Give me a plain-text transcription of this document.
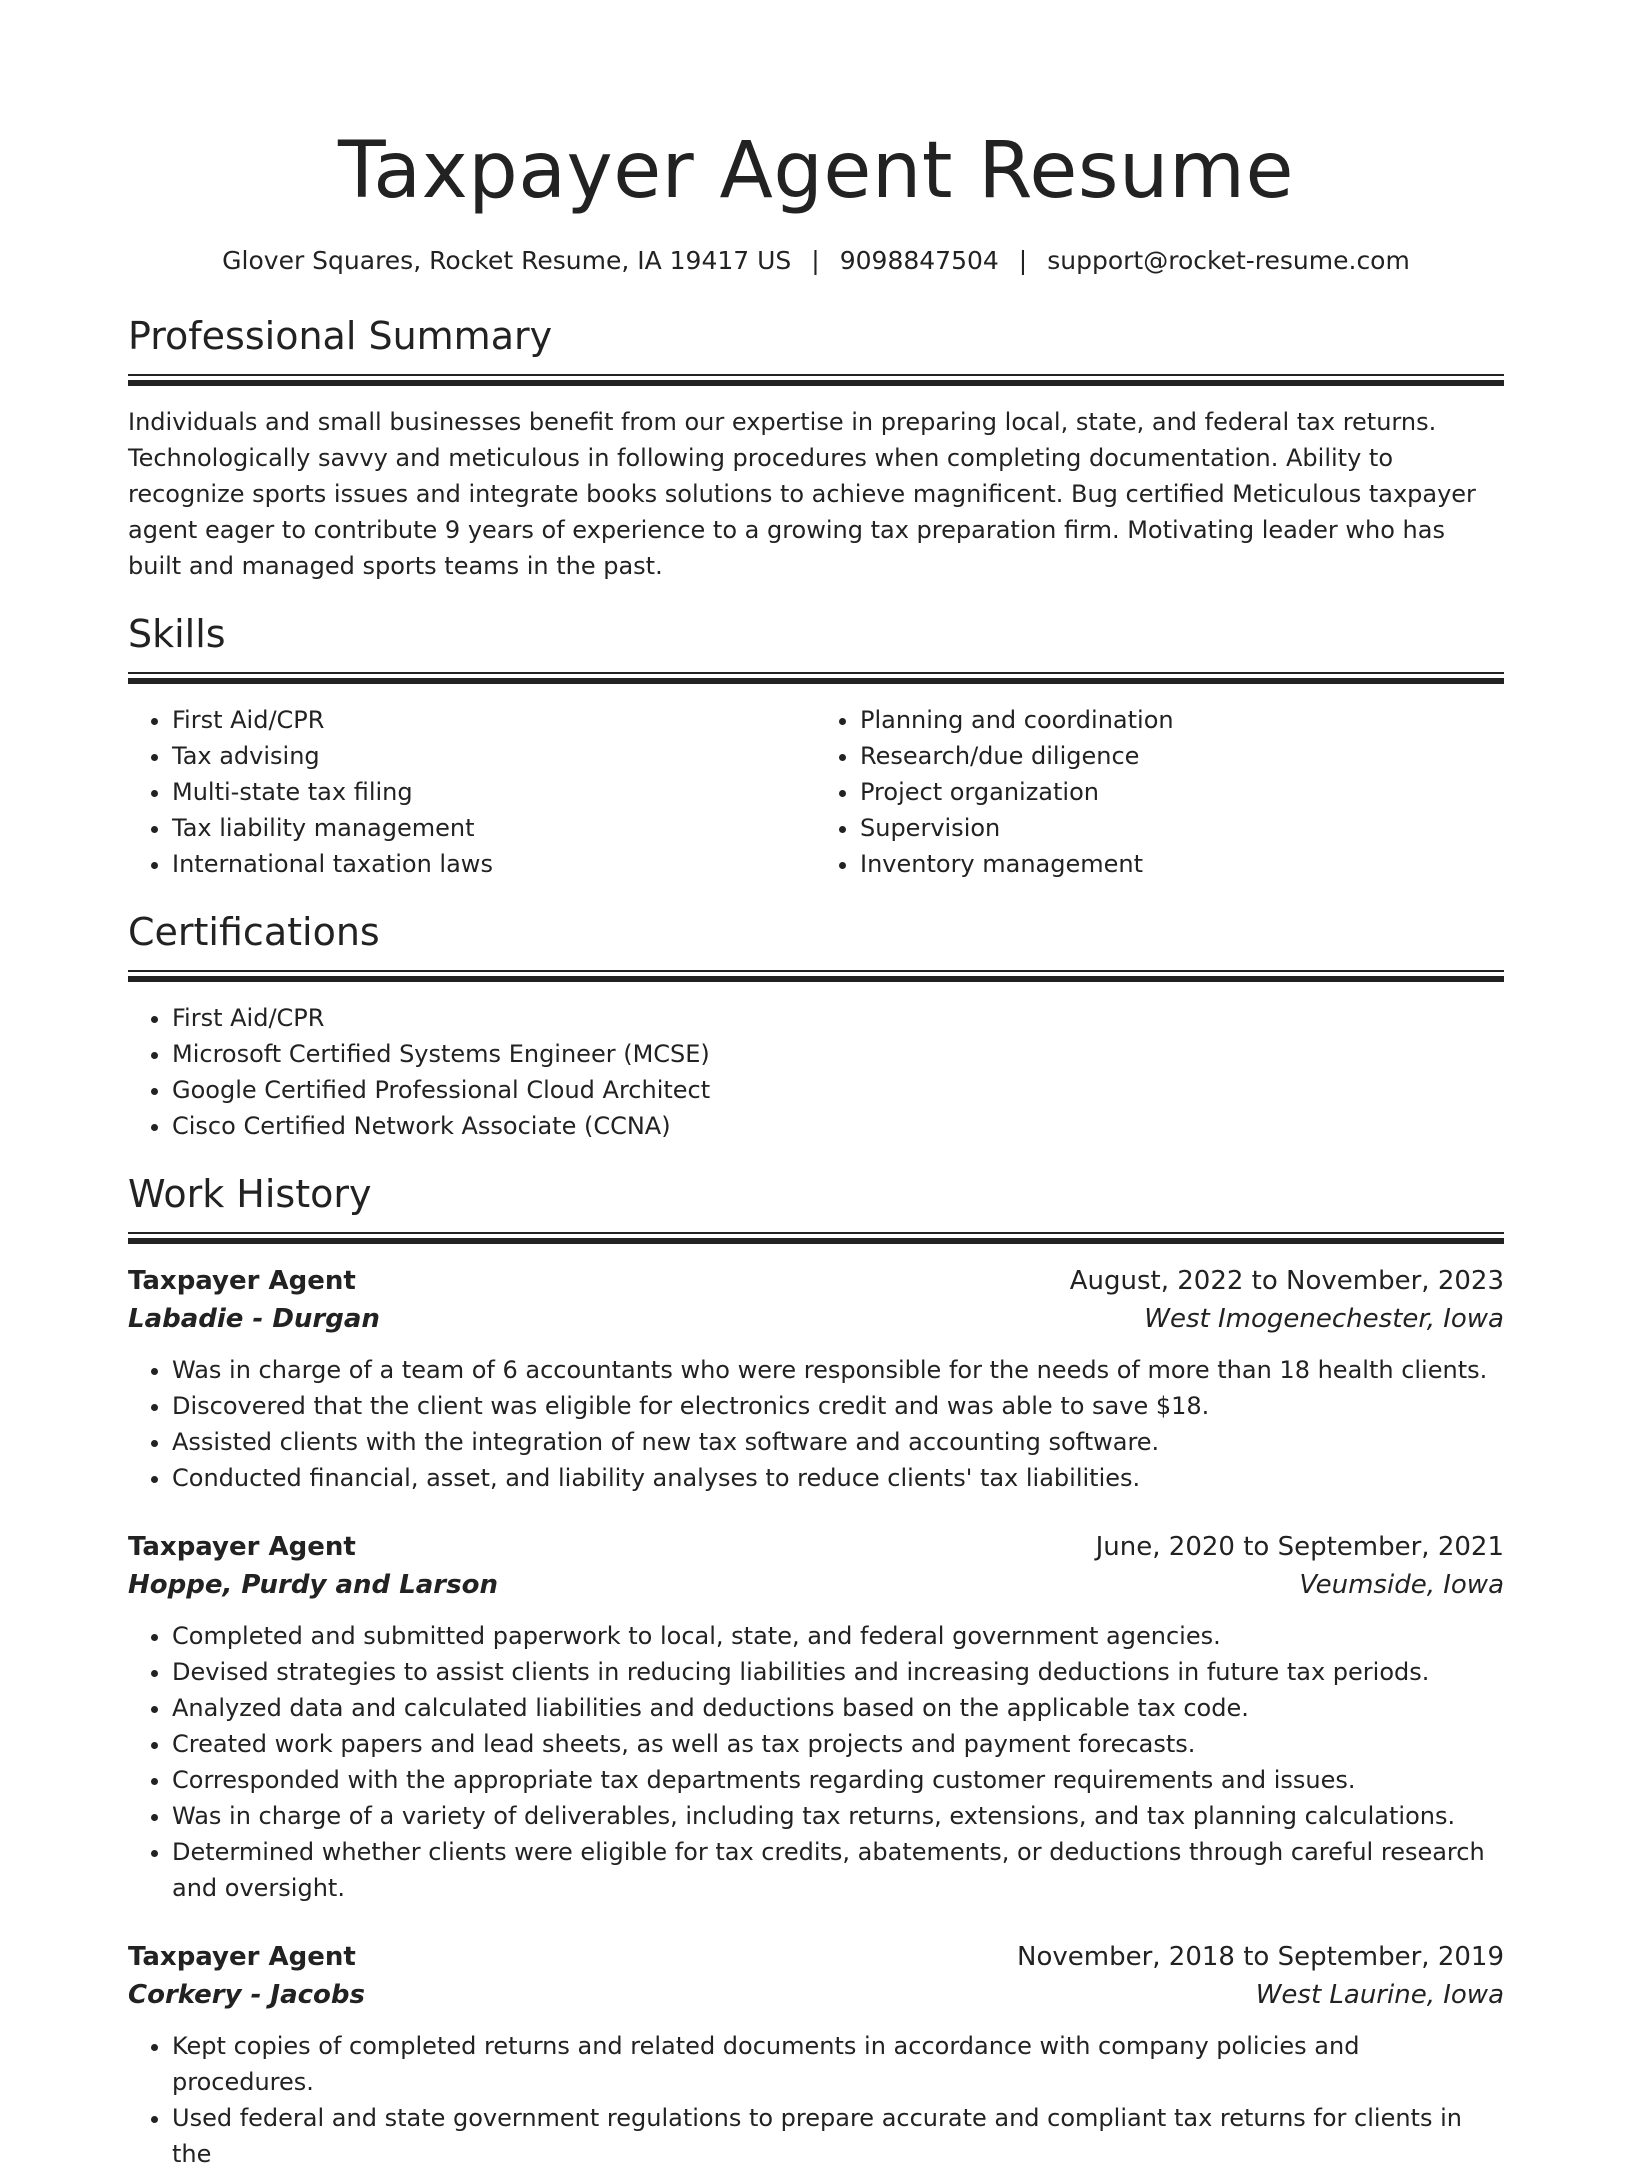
Taxpayer Agent Resume
Glover Squares, Rocket Resume, IA 19417 US | 9098847504 | support@rocket-resume.com
Professional Summary

Individuals and small businesses benefit from our expertise in preparing local, state, and federal tax returns. Technologically savvy and meticulous in following procedures when completing documentation. Ability to recognize sports issues and integrate books solutions to achieve magnificent. Bug certified Meticulous taxpayer agent eager to contribute 9 years of experience to a growing tax preparation firm. Motivating leader who has built and managed sports teams in the past.

Skills
• First Aid/CPR
• Tax advising
• Multi-state tax filing
• Tax liability management
• International taxation laws
• Planning and coordination
• Research/due diligence
• Project organization
• Supervision
• Inventory management
Certifications
• First Aid/CPR
• Microsoft Certified Systems Engineer (MCSE)
• Google Certified Professional Cloud Architect
• Cisco Certified Network Associate (CCNA)
Work History
Taxpayer Agent	August, 2022 to November, 2023
Labadie - Durgan	West Imogenechester, Iowa
• Was in charge of a team of 6 accountants who were responsible for the needs of more than 18 health clients.
• Discovered that the client was eligible for electronics credit and was able to save $18.
• Assisted clients with the integration of new tax software and accounting software.
• Conducted financial, asset, and liability analyses to reduce clients' tax liabilities.
Taxpayer Agent	June, 2020 to September, 2021
Hoppe, Purdy and Larson	Veumside, Iowa
• Completed and submitted paperwork to local, state, and federal government agencies.
• Devised strategies to assist clients in reducing liabilities and increasing deductions in future tax periods.
• Analyzed data and calculated liabilities and deductions based on the applicable tax code.
• Created work papers and lead sheets, as well as tax projects and payment forecasts.
• Corresponded with the appropriate tax departments regarding customer requirements and issues.
• Was in charge of a variety of deliverables, including tax returns, extensions, and tax planning calculations.
• Determined whether clients were eligible for tax credits, abatements, or deductions through careful research and oversight.
Taxpayer Agent	November, 2018 to September, 2019
Corkery - Jacobs	West Laurine, Iowa
• Kept copies of completed returns and related documents in accordance with company policies and procedures.
• Used federal and state government regulations to prepare accurate and compliant tax returns for clients in the
